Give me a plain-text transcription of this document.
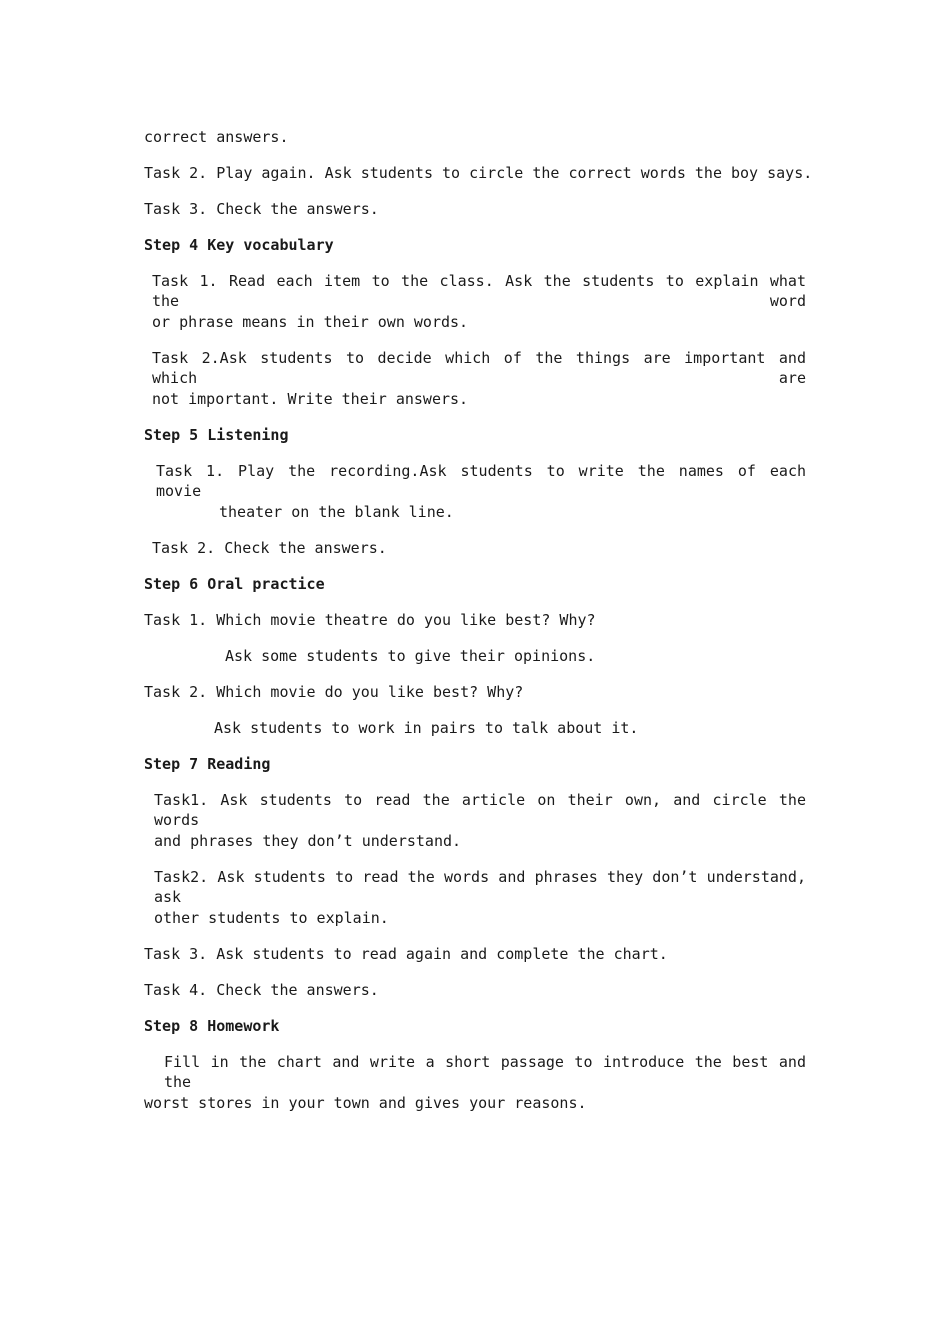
correct answers.
Task 2. Play again. Ask students to circle the correct words the boy says.
Task 3. Check the answers.
Step 4 Key vocabulary
Task 1. Read each item to the class. Ask the students to explain what the word
or phrase means in their own words.
Task 2.Ask students to decide which of the things are important and which are
not important. Write their answers.
Step 5 Listening
Task 1. Play the recording.Ask students to write the names of each movie
theater on the blank line.
Task 2. Check the answers.
Step 6 Oral practice
Task 1. Which movie theatre do you like best? Why?
Ask some students to give their opinions.
Task 2. Which movie do you like best? Why?
Ask students to work in pairs to talk about it.
Step 7 Reading
Task1. Ask students to read the article on their own, and circle the words
and phrases they don’t understand.
Task2. Ask students to read the words and phrases they don’t understand, ask
other students to explain.
Task 3. Ask students to read again and complete the chart.
Task 4. Check the answers.
Step 8 Homework
Fill in the chart and write a short passage to introduce the best and the
worst stores in your town and gives your reasons.
